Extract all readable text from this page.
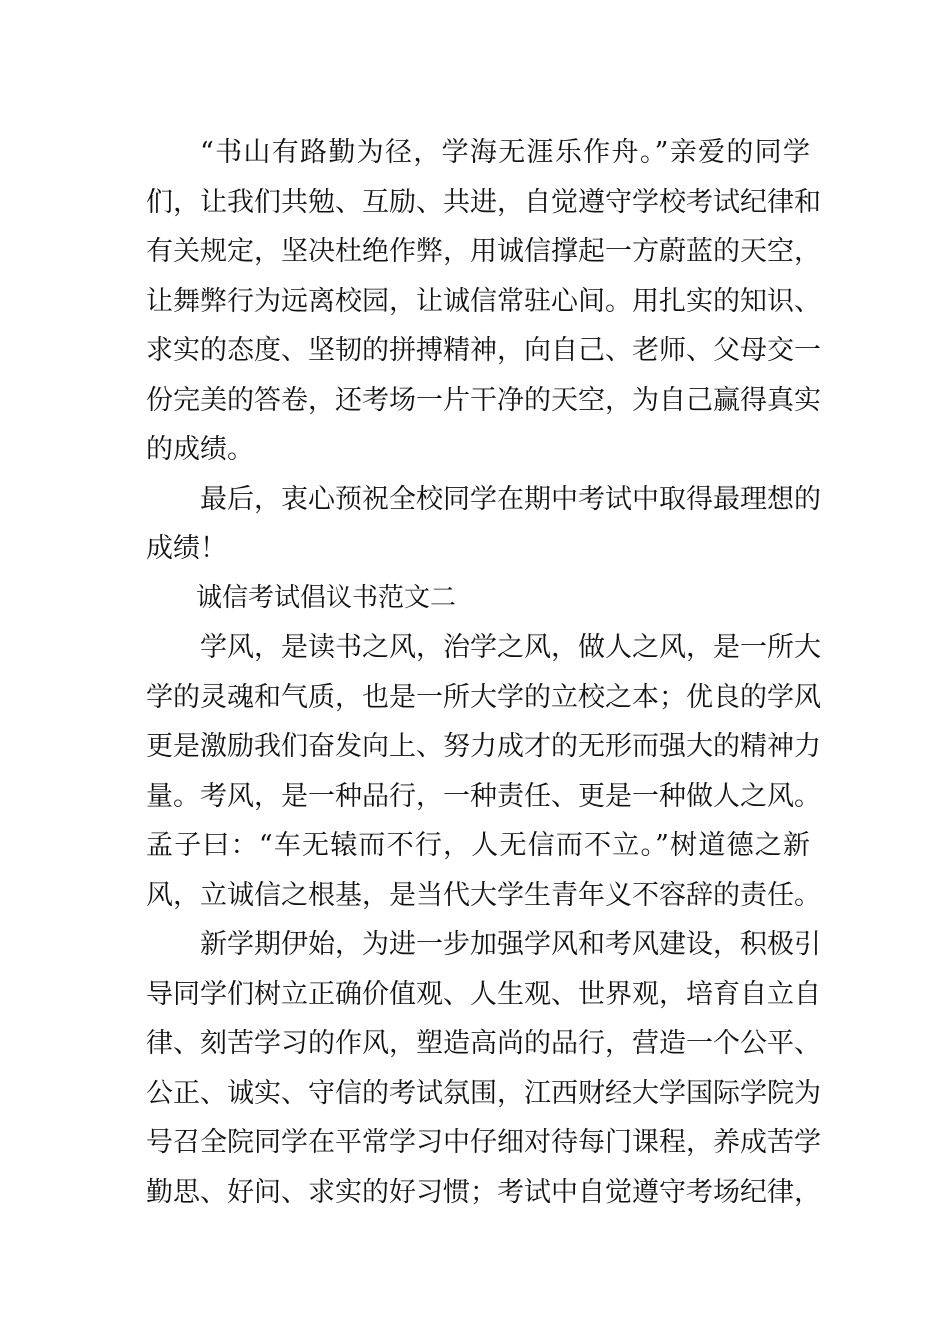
“书山有路勤为径，学海无涯乐作舟。”亲爱的同学
们，让我们共勉、互励、共进，自觉遵守学校考试纪律和
有关规定，坚决杜绝作弊，用诚信撑起一方蔚蓝的天空，
让舞弊行为远离校园，让诚信常驻心间。用扎实的知识、
求实的态度、坚韧的拼搏精神，向自己、老师、父母交一
份完美的答卷，还考场一片干净的天空，为自己赢得真实
的成绩。
最后，衷心预祝全校同学在期中考试中取得最理想的
成绩！
诚信考试倡议书范文二
学风，是读书之风，治学之风，做人之风，是一所大
学的灵魂和气质，也是一所大学的立校之本；优良的学风
更是激励我们奋发向上、努力成才的无形而强大的精神力
量。考风，是一种品行，一种责任、更是一种做人之风。
孟子曰：“车无辕而不行，人无信而不立。”树道德之新
风，立诚信之根基，是当代大学生青年义不容辞的责任。
新学期伊始，为进一步加强学风和考风建设，积极引
导同学们树立正确价值观、人生观、世界观，培育自立自
律、刻苦学习的作风，塑造高尚的品行，营造一个公平、
公正、诚实、守信的考试氛围，江西财经大学国际学院为
号召全院同学在平常学习中仔细对待每门课程，养成苦学
勤思、好问、求实的好习惯；考试中自觉遵守考场纪律，
